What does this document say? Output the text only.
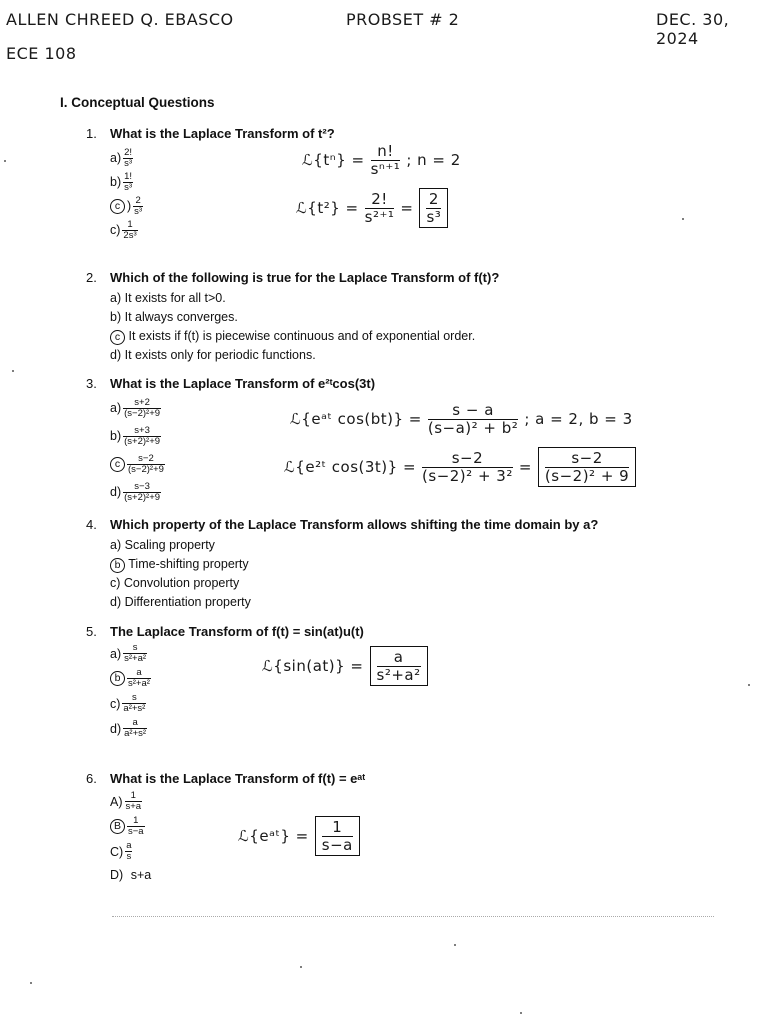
ALLEN CHREED Q. EBASCO	PROBSET # 2	DEC. 30, 2024
ECE 108
I. Conceptual Questions
1. What is the Laplace Transform of t²?
$a) \frac{2!}{\text{s³}}$
$b) \frac{1!}{\text{s³}}$
c ) $\frac{2}{\text{s³}}$
$c) \frac{1}{\text{2s³}}$
ℒ{tⁿ} = $\frac{n!}{\text{sⁿ⁺¹}}$ ; n = 2
ℒ{t²} = $\frac{2!}{\text{s²⁺¹}} = \frac{2}{\text{s³}}$
2. Which of the following is true for the Laplace Transform of f(t)?
a) It exists for all t>0.
b) It always converges.
c It exists if f(t) is piecewise continuous and of exponential order.
d) It exists only for periodic functions.
3. What is the Laplace Transform of e²ᵗcos(3t)
$a) \frac{s+2}{\text{(s−2)²+9}}$
$b) \frac{s+3}{\text{(s+2)²+9}}$
c $\frac{s-2}{\text{(s−2)²+9}}$
$d) \frac{s-3}{\text{(s+2)²+9}}$
ℒ{eᵃᵗ $\cos(bt)\} = \frac{s - a}{\text{(s−a)² + b²}}$ ; a = 2, b = 3
ℒ{e²ᵗ $\cos(3t)\} = \frac{s-2}{\text{(s−2)² + 3²}} = \frac{s-2}{\text{(s−2)² + 9}}$
4. Which property of the Laplace Transform allows shifting the time domain by a?
a) Scaling property
b Time-shifting property
c) Convolution property
d) Differentiation property
5. The Laplace Transform of f(t) = sin(at)u(t)
$a) \frac{s}{\text{s²+a²}}$
b $\frac{a}{\text{s²+a²}}$
$c) \frac{s}{\text{a²+s²}}$
$d) \frac{a}{\text{a²+s²}}$
ℒ{sin(at)} = $\frac{a}{\text{s²+a²}}$
6. What is the Laplace Transform of f(t) = eᵃᵗ
$A) \frac{1}{s+a}$
B $\frac{1}{s-a}$
$C) \frac{a}{s}$
D)
s+a
ℒ{eᵃᵗ} = $\frac{1}{s-a}$
